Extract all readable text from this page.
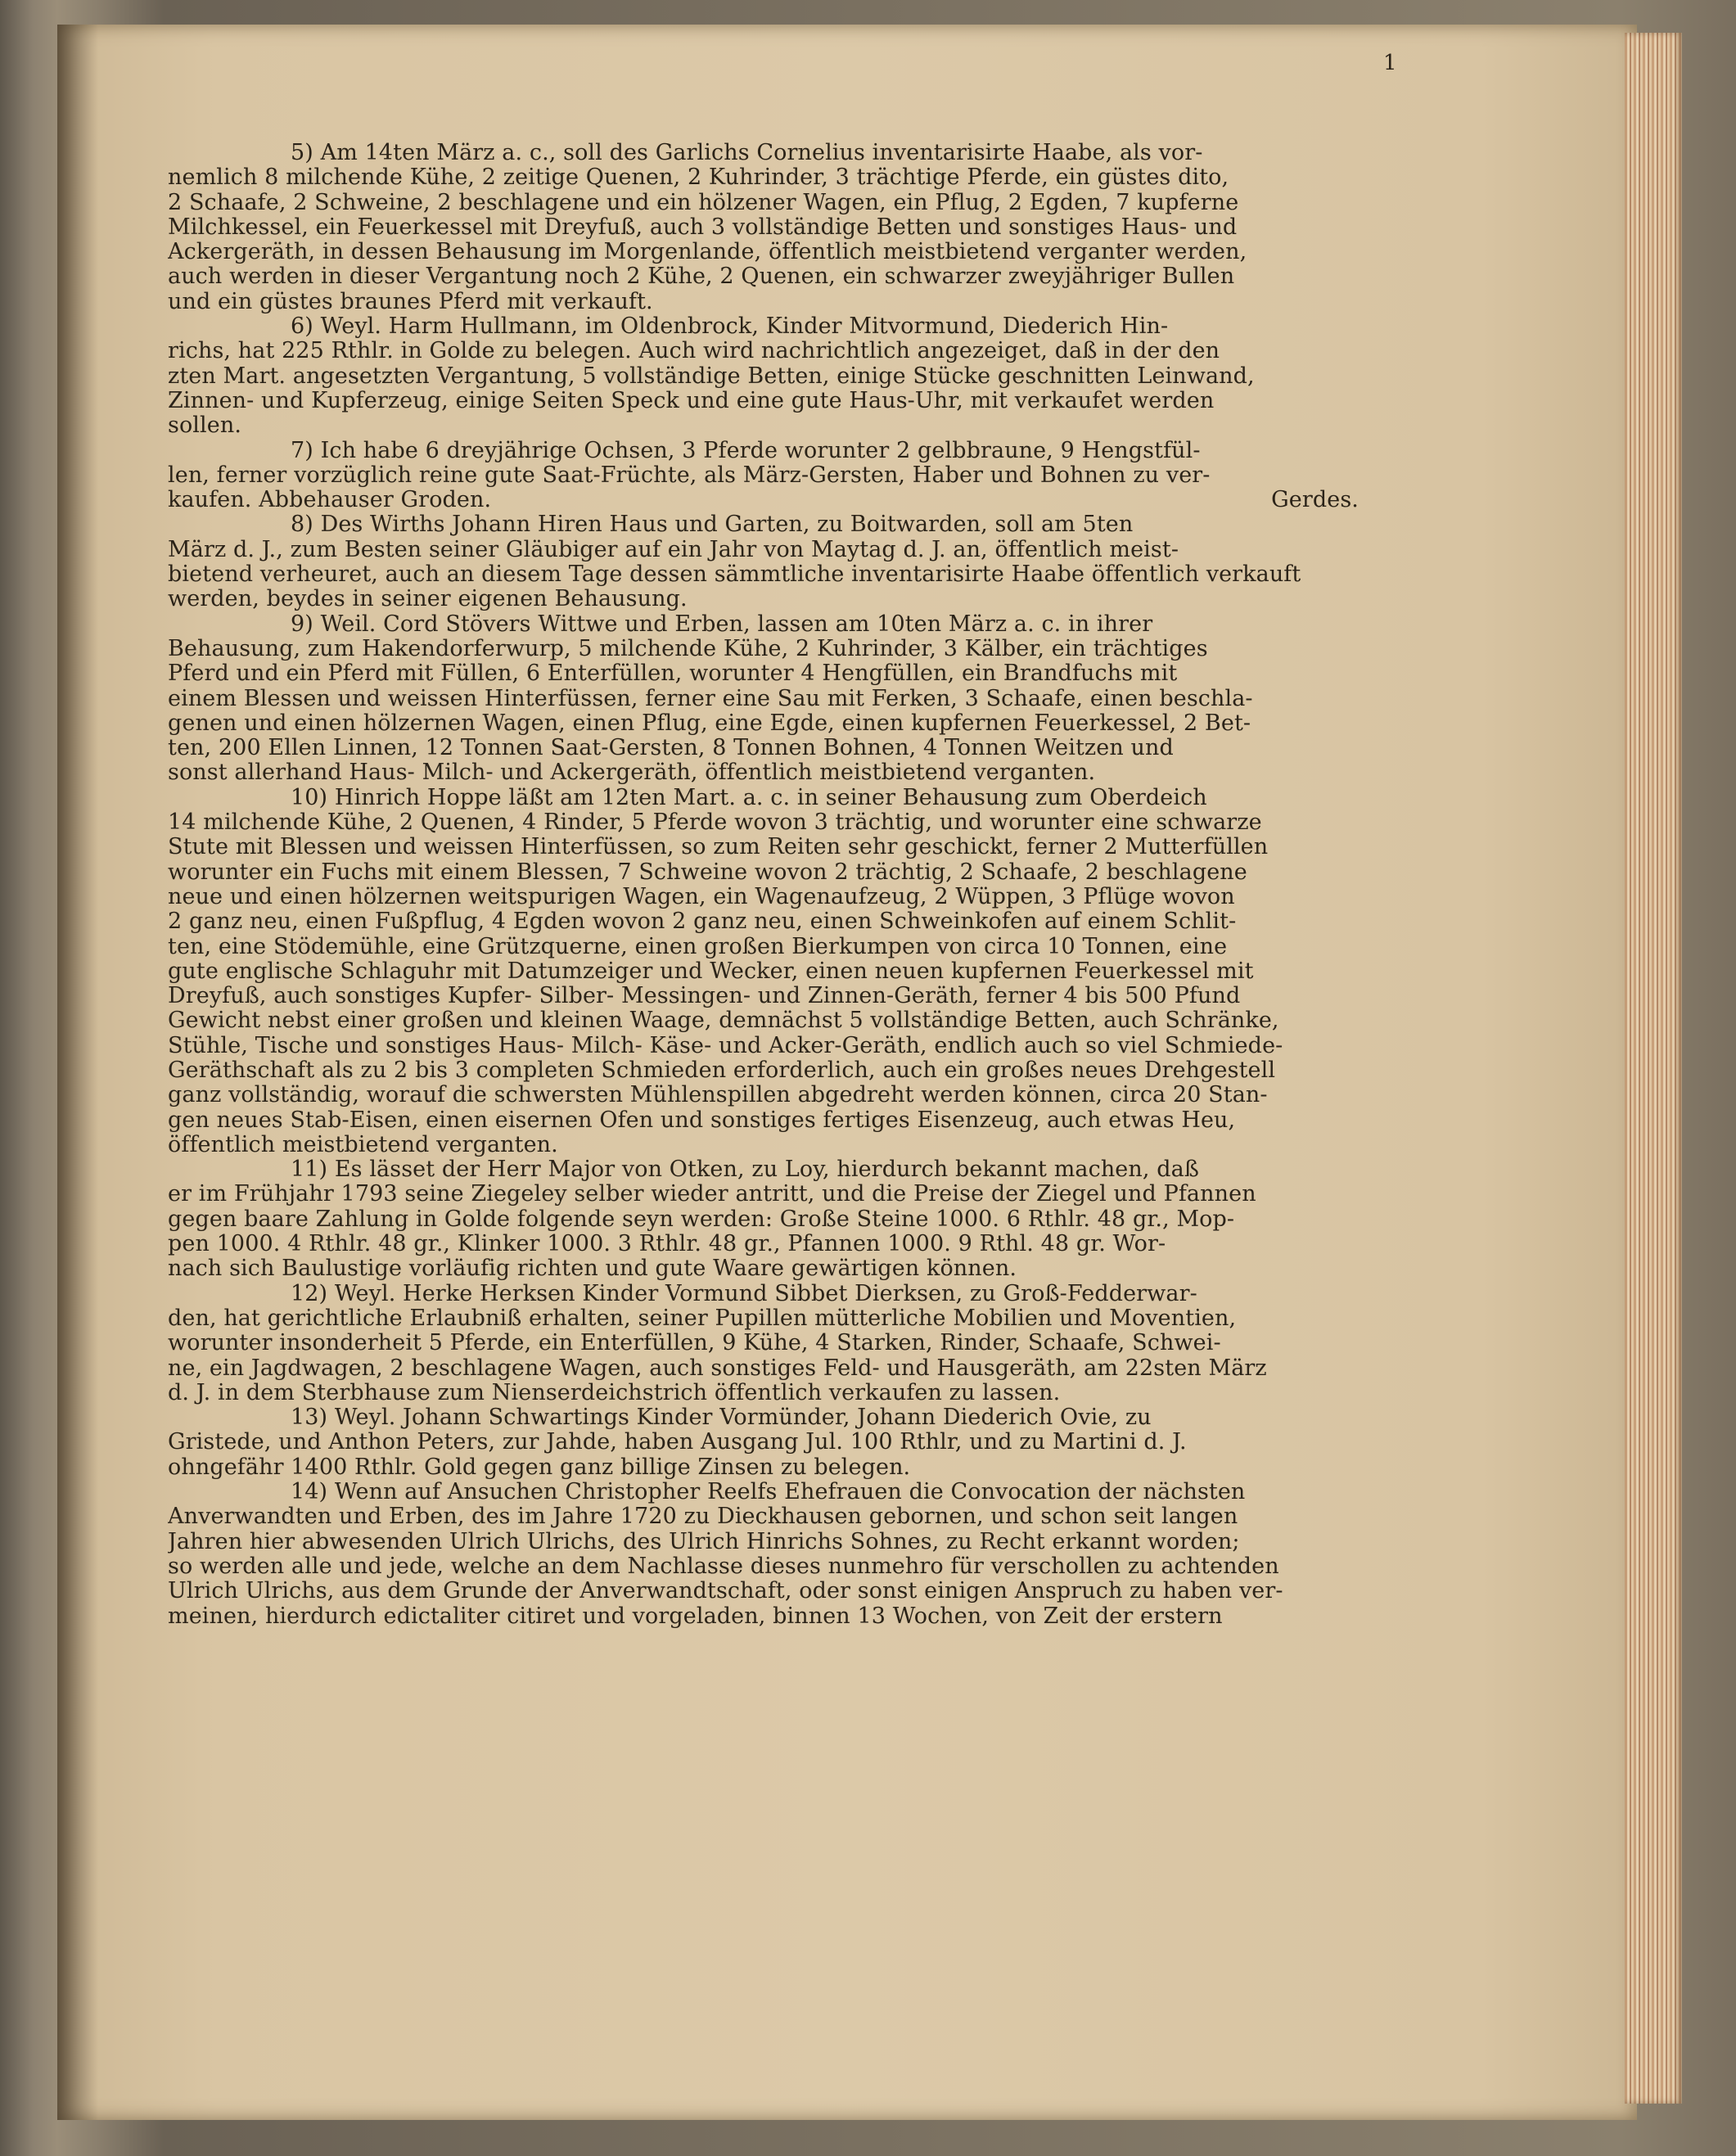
1

5) Am 14ten März a. c., soll des Garlichs Cornelius inventarisirte Haabe, als vor-
nemlich 8 milchende Kühe, 2 zeitige Quenen, 2 Kuhrinder, 3 trächtige Pferde, ein güstes dito,
2 Schaafe, 2 Schweine, 2 beschlagene und ein hölzener Wagen, ein Pflug, 2 Egden, 7 kupferne
Milchkessel, ein Feuerkessel mit Dreyfuß, auch 3 vollständige Betten und sonstiges Haus- und
Ackergeräth, in dessen Behausung im Morgenlande, öffentlich meistbietend verganter werden,
auch werden in dieser Vergantung noch 2 Kühe, 2 Quenen, ein schwarzer zweyjähriger Bullen
und ein güstes braunes Pferd mit verkauft.

6) Weyl. Harm Hullmann, im Oldenbrock, Kinder Mitvormund, Diederich Hin-
richs, hat 225 Rthlr. in Golde zu belegen. Auch wird nachrichtlich angezeiget, daß in der den
zten Mart. angesetzten Vergantung, 5 vollständige Betten, einige Stücke geschnitten Leinwand,
Zinnen- und Kupferzeug, einige Seiten Speck und eine gute Haus-Uhr, mit verkaufet werden
sollen.

7) Ich habe 6 dreyjährige Ochsen, 3 Pferde worunter 2 gelbbraune, 9 Hengstfül-
len, ferner vorzüglich reine gute Saat-Früchte, als März-Gersten, Haber und Bohnen zu ver-
kaufen. Abbehauser Groden.	Gerdes.

8) Des Wirths Johann Hiren Haus und Garten, zu Boitwarden, soll am 5ten
März d. J., zum Besten seiner Gläubiger auf ein Jahr von Maytag d. J. an, öffentlich meist-
bietend verheuret, auch an diesem Tage dessen sämmtliche inventarisirte Haabe öffentlich verkauft
werden, beydes in seiner eigenen Behausung.

9) Weil. Cord Stövers Wittwe und Erben, lassen am 10ten März a. c. in ihrer
Behausung, zum Hakendorferwurp, 5 milchende Kühe, 2 Kuhrinder, 3 Kälber, ein trächtiges
Pferd und ein Pferd mit Füllen, 6 Enterfüllen, worunter 4 Hengfüllen, ein Brandfuchs mit
einem Blessen und weissen Hinterfüssen, ferner eine Sau mit Ferken, 3 Schaafe, einen beschla-
genen und einen hölzernen Wagen, einen Pflug, eine Egde, einen kupfernen Feuerkessel, 2 Bet-
ten, 200 Ellen Linnen, 12 Tonnen Saat-Gersten, 8 Tonnen Bohnen, 4 Tonnen Weitzen und
sonst allerhand Haus- Milch- und Ackergeräth, öffentlich meistbietend verganten.

10) Hinrich Hoppe läßt am 12ten Mart. a. c. in seiner Behausung zum Oberdeich
14 milchende Kühe, 2 Quenen, 4 Rinder, 5 Pferde wovon 3 trächtig, und worunter eine schwarze
Stute mit Blessen und weissen Hinterfüssen, so zum Reiten sehr geschickt, ferner 2 Mutterfüllen
worunter ein Fuchs mit einem Blessen, 7 Schweine wovon 2 trächtig, 2 Schaafe, 2 beschlagene
neue und einen hölzernen weitspurigen Wagen, ein Wagenaufzeug, 2 Wüppen, 3 Pflüge wovon
2 ganz neu, einen Fußpflug, 4 Egden wovon 2 ganz neu, einen Schweinkofen auf einem Schlit-
ten, eine Stödemühle, eine Grützquerne, einen großen Bierkumpen von circa 10 Tonnen, eine
gute englische Schlaguhr mit Datumzeiger und Wecker, einen neuen kupfernen Feuerkessel mit
Dreyfuß, auch sonstiges Kupfer- Silber- Messingen- und Zinnen-Geräth, ferner 4 bis 500 Pfund
Gewicht nebst einer großen und kleinen Waage, demnächst 5 vollständige Betten, auch Schränke,
Stühle, Tische und sonstiges Haus- Milch- Käse- und Acker-Geräth, endlich auch so viel Schmiede-
Geräthschaft als zu 2 bis 3 completen Schmieden erforderlich, auch ein großes neues Drehgestell
ganz vollständig, worauf die schwersten Mühlenspillen abgedreht werden können, circa 20 Stan-
gen neues Stab-Eisen, einen eisernen Ofen und sonstiges fertiges Eisenzeug, auch etwas Heu,
öffentlich meistbietend verganten.

11) Es lässet der Herr Major von Otken, zu Loy, hierdurch bekannt machen, daß
er im Frühjahr 1793 seine Ziegeley selber wieder antritt, und die Preise der Ziegel und Pfannen
gegen baare Zahlung in Golde folgende seyn werden: Große Steine 1000. 6 Rthlr. 48 gr., Mop-
pen 1000. 4 Rthlr. 48 gr., Klinker 1000. 3 Rthlr. 48 gr., Pfannen 1000. 9 Rthl. 48 gr. Wor-
nach sich Baulustige vorläufig richten und gute Waare gewärtigen können.

12) Weyl. Herke Herksen Kinder Vormund Sibbet Dierksen, zu Groß-Fedderwar-
den, hat gerichtliche Erlaubniß erhalten, seiner Pupillen mütterliche Mobilien und Moventien,
worunter insonderheit 5 Pferde, ein Enterfüllen, 9 Kühe, 4 Starken, Rinder, Schaafe, Schwei-
ne, ein Jagdwagen, 2 beschlagene Wagen, auch sonstiges Feld- und Hausgeräth, am 22sten März
d. J. in dem Sterbhause zum Nienserdeichstrich öffentlich verkaufen zu lassen.

13) Weyl. Johann Schwartings Kinder Vormünder, Johann Diederich Ovie, zu
Gristede, und Anthon Peters, zur Jahde, haben Ausgang Jul. 100 Rthlr, und zu Martini d. J.
ohngefähr 1400 Rthlr. Gold gegen ganz billige Zinsen zu belegen.

14) Wenn auf Ansuchen Christopher Reelfs Ehefrauen die Convocation der nächsten
Anverwandten und Erben, des im Jahre 1720 zu Dieckhausen gebornen, und schon seit langen
Jahren hier abwesenden Ulrich Ulrichs, des Ulrich Hinrichs Sohnes, zu Recht erkannt worden;
so werden alle und jede, welche an dem Nachlasse dieses nunmehro für verschollen zu achtenden
Ulrich Ulrichs, aus dem Grunde der Anverwandtschaft, oder sonst einigen Anspruch zu haben ver-
meinen, hierdurch edictaliter citiret und vorgeladen, binnen 13 Wochen, von Zeit der erstern
